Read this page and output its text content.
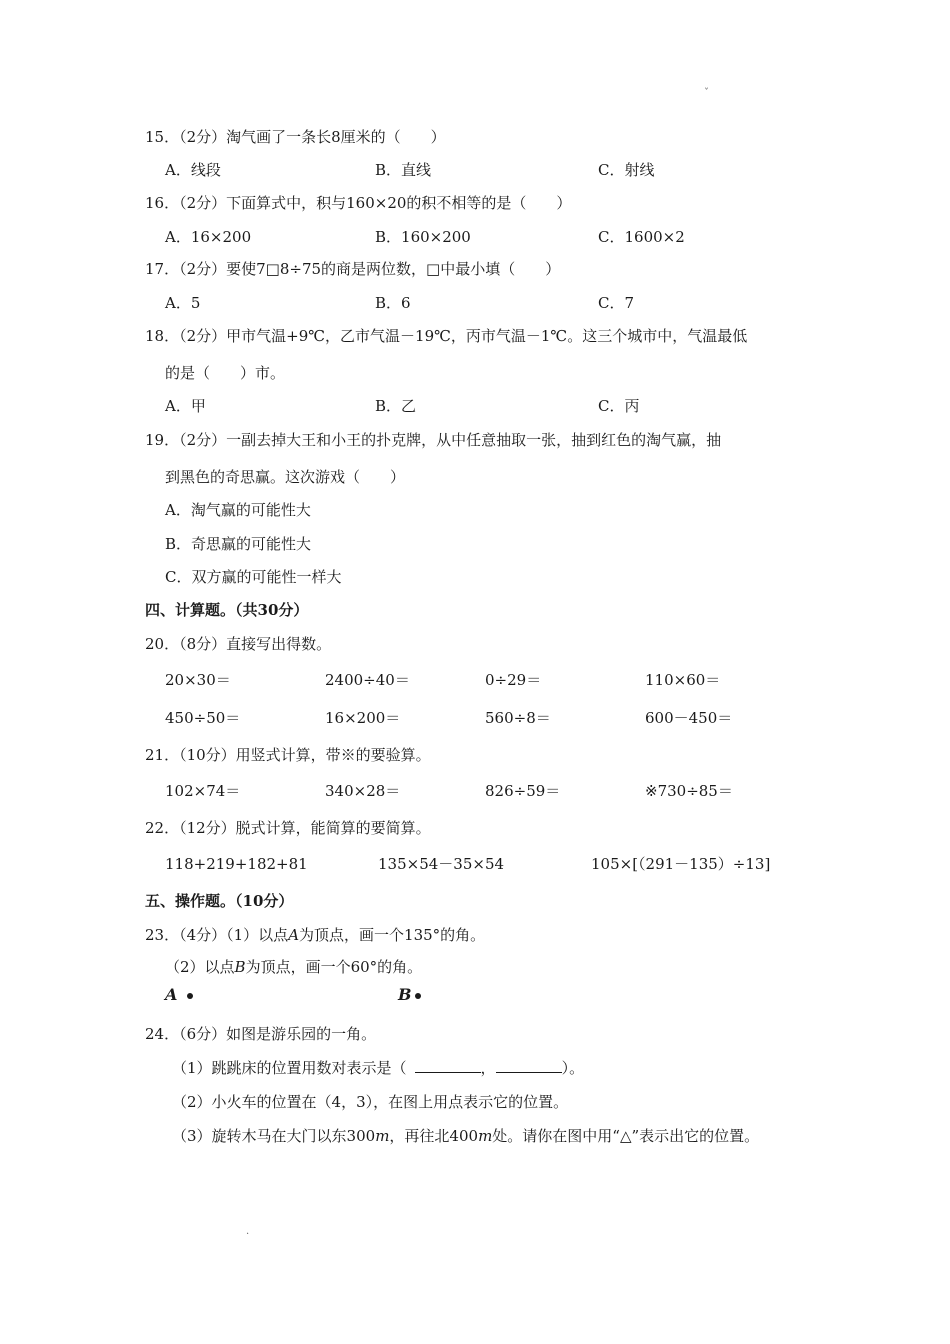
ˇ
15．（2分）淘气画了一条长8厘米的（　　）
A．线段	B．直线	C．射线
16．（2分）下面算式中，积与160×20的积不相等的是（　　）
A．16×200	B．160×200	C．1600×2
17．（2分）要使7□8÷75的商是两位数，□中最小填（　　）
A．5	B．6	C．7
18．（2分）甲市气温+9℃，乙市气温－19℃，丙市气温－1℃。这三个城市中，气温最低
的是（　　）市。
A．甲	B．乙	C．丙
19．（2分）一副去掉大王和小王的扑克牌，从中任意抽取一张，抽到红色的淘气赢，抽
到黑色的奇思赢。这次游戏（　　）
A．淘气赢的可能性大
B．奇思赢的可能性大
C．双方赢的可能性一样大
四、计算题。（共30分）
20．（8分）直接写出得数。
20×30＝	2400÷40＝	0÷29＝	110×60＝
450÷50＝	16×200＝	560÷8＝	600－450＝
21．（10分）用竖式计算，带※的要验算。
102×74＝	340×28＝	826÷59＝	※730÷85＝
22．（12分）脱式计算，能简算的要简算。
118+219+182+81	135×54－35×54	105×[（291－135）÷13]
五、操作题。（10分）
23．（4分）（1）以点A为顶点，画一个135°的角。
（2）以点B为顶点，画一个60°的角。
A	B
24．（6分）如图是游乐园的一角。
（1）跳跳床的位置用数对表示是（	，	）。
（2）小火车的位置在（4，3），在图上用点表示它的位置。
（3）旋转木马在大门以东300m，再往北400m处。请你在图中用“△”表示出它的位置。
.
